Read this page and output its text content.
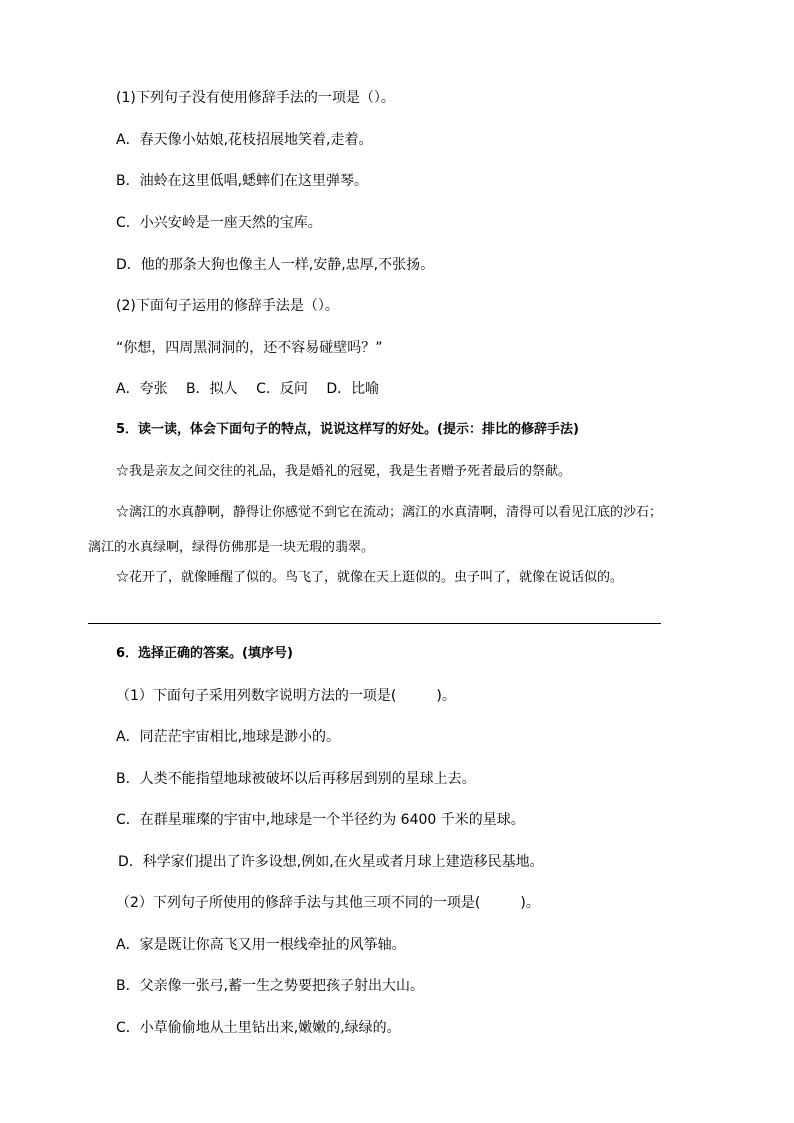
(1)下列句子没有使用修辞手法的一项是（）。
A．春天像小姑娘,花枝招展地笑着,走着。
B．油蛉在这里低唱,蟋蟀们在这里弹琴。
C．小兴安岭是一座天然的宝库。
D．他的那条大狗也像主人一样,安静,忠厚,不张扬。
(2)下面句子运用的修辞手法是（）。
“你想，四周黑洞洞的，还不容易碰壁吗？”
A．夸张 B．拟人 C．反问 D．比喻
5．读一读，体会下面句子的特点，说说这样写的好处。(提示：排比的修辞手法)
☆我是亲友之间交往的礼品，我是婚礼的冠冕，我是生者赠予死者最后的祭献。
☆漓江的水真静啊，静得让你感觉不到它在流动；漓江的水真清啊，清得可以看见江底的沙石；
漓江的水真绿啊，绿得仿佛那是一块无瑕的翡翠。
☆花开了，就像睡醒了似的。鸟飞了，就像在天上逛似的。虫子叫了，就像在说话似的。
6．选择正确的答案。(填序号)
（1）下面句子采用列数字说明方法的一项是(	)。
A．同茫茫宇宙相比,地球是渺小的。
B．人类不能指望地球被破坏以后再移居到别的星球上去。
C．在群星璀璨的宇宙中,地球是一个半径约为 6400 千米的星球。
D．科学家们提出了许多设想,例如,在火星或者月球上建造移民基地。
（2）下列句子所使用的修辞手法与其他三项不同的一项是(	)。
A．家是既让你高飞又用一根线牵扯的风筝轴。
B．父亲像一张弓,蓄一生之势要把孩子射出大山。
C．小草偷偷地从土里钻出来,嫩嫩的,绿绿的。
